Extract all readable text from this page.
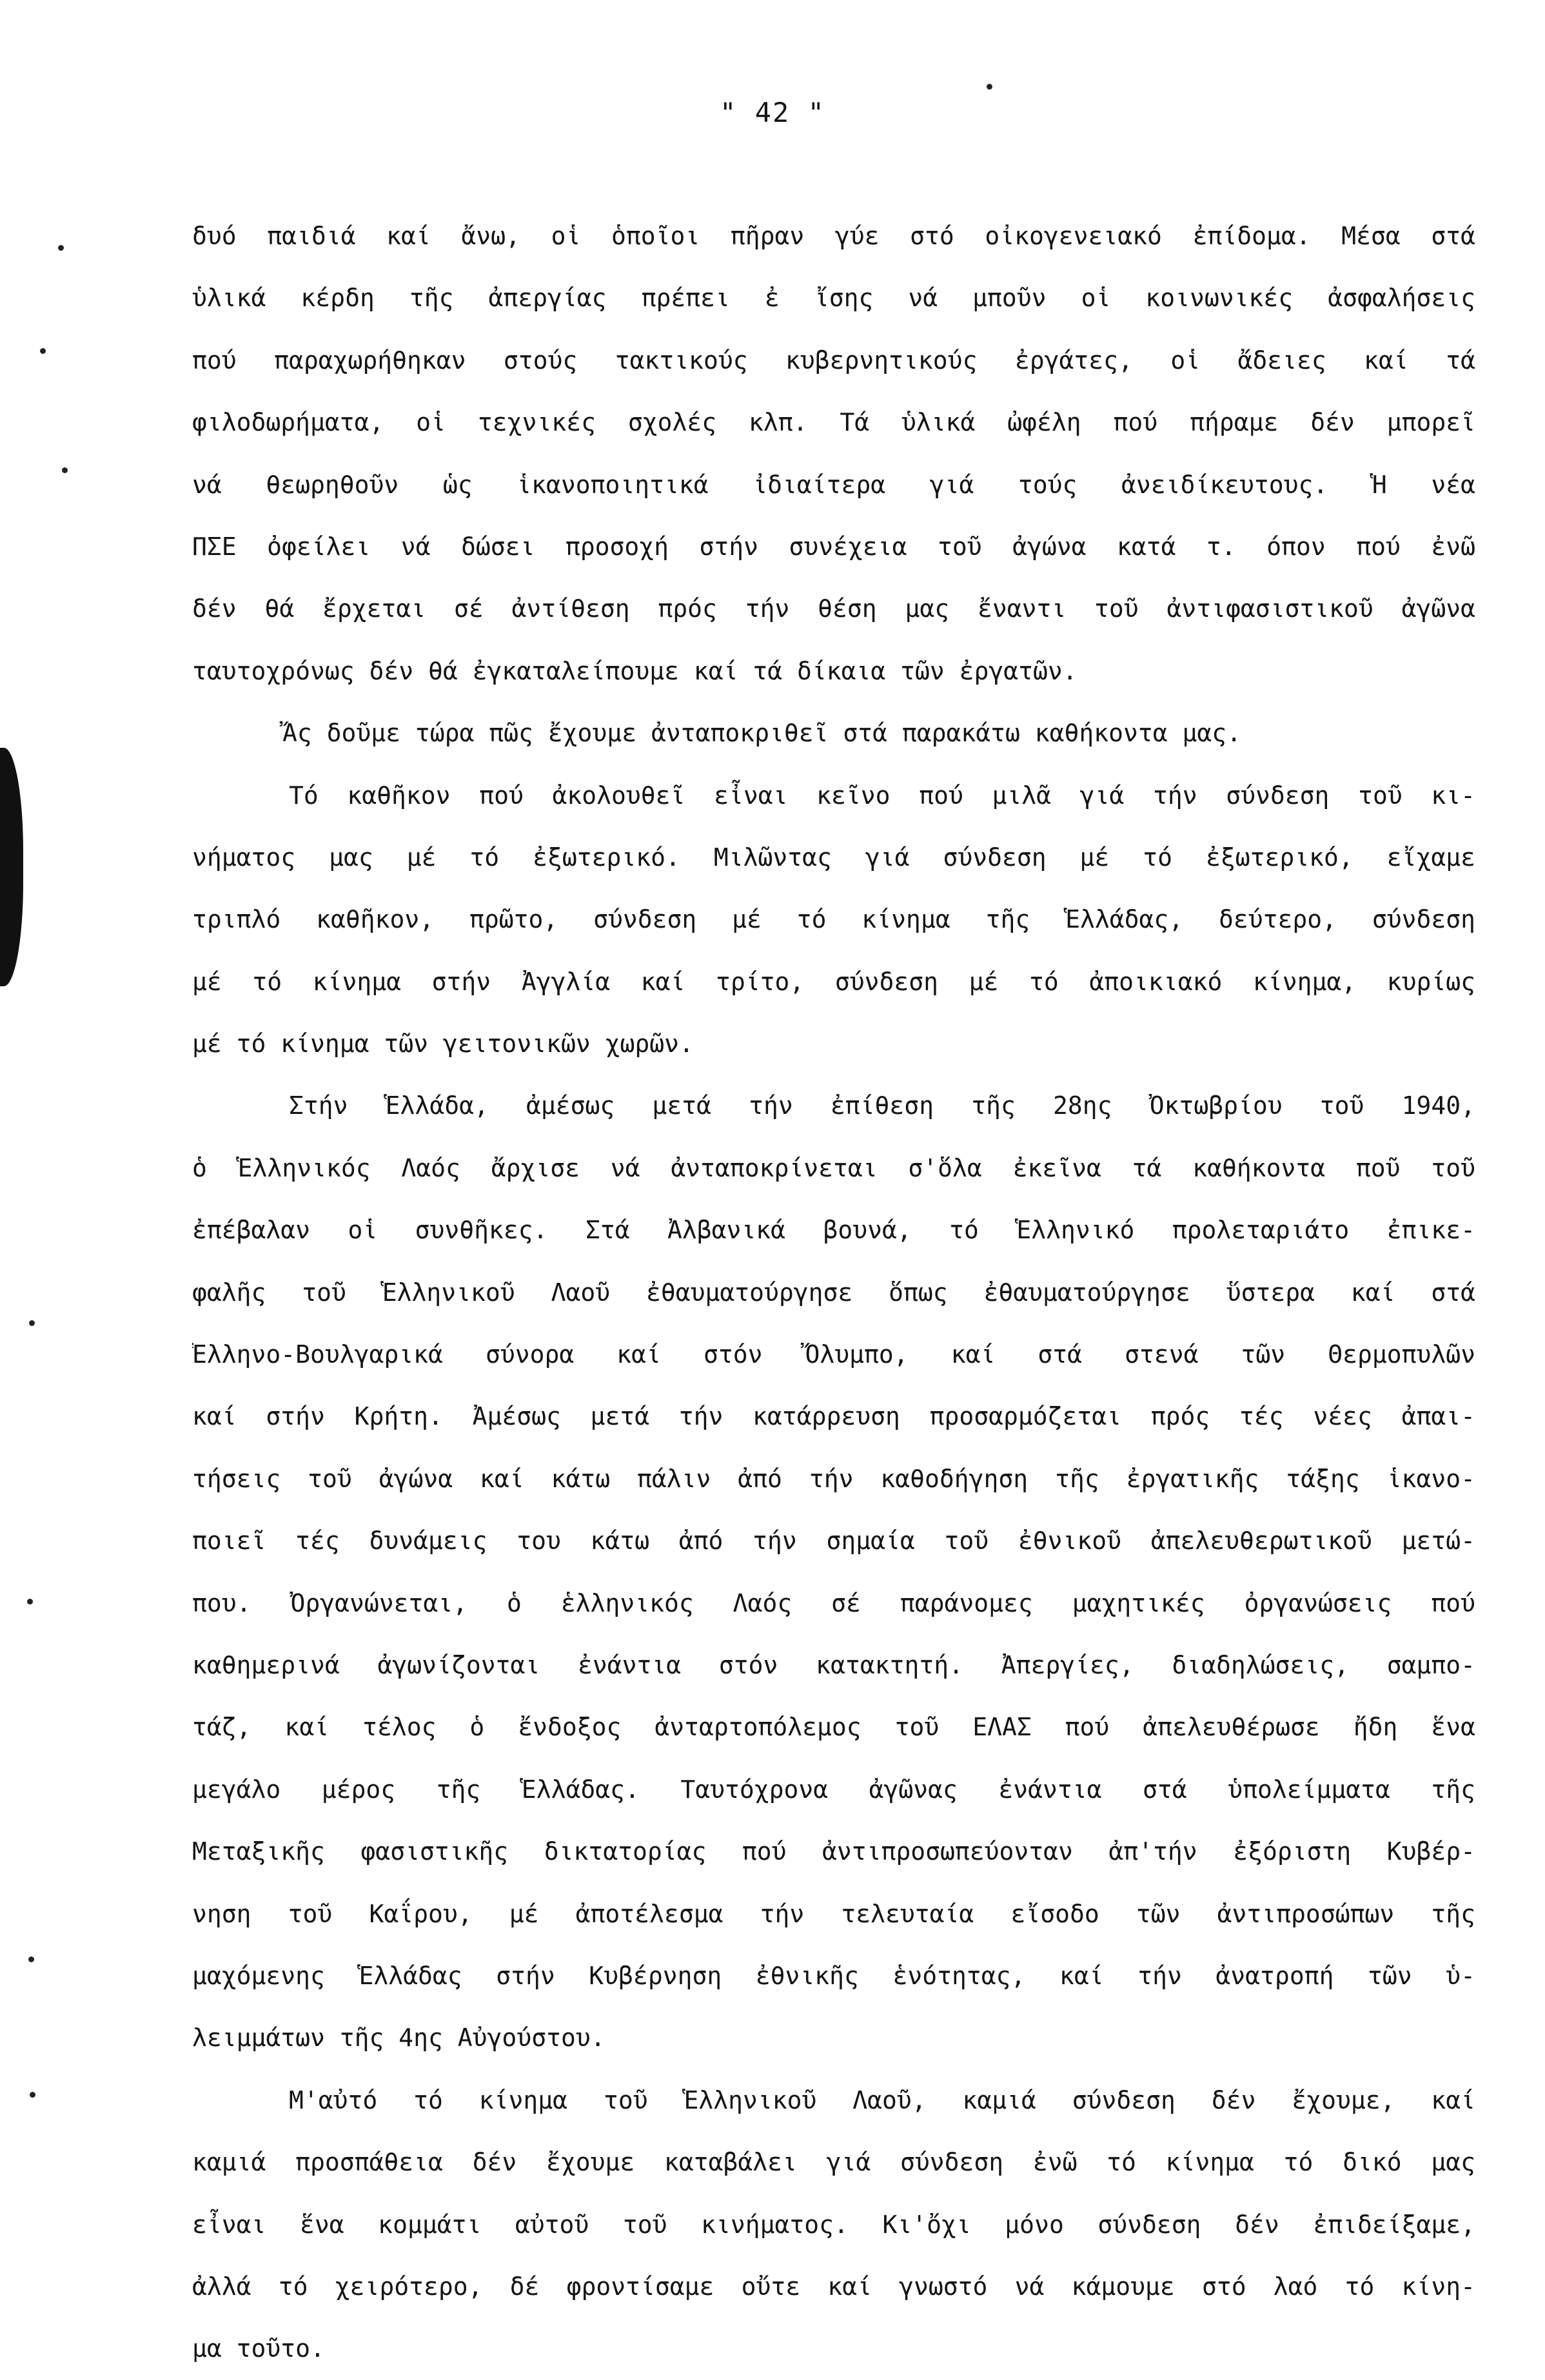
" 42 "
δυό παιδιά καί ἄνω, οἱ ὁποῖοι πῆραν γύε στό οἰκογενειακό ἐπίδομα. Μέσα στά
ὑλικά κέρδη τῆς ἀπεργίας πρέπει ἐ ἴσης νά μποῦν οἱ κοινωνικές ἀσφαλήσεις
πού παραχωρήθηκαν στούς τακτικούς κυβερνητικούς ἐργάτες, οἱ ἄδειες καί τά
φιλοδωρήματα, οἱ τεχνικές σχολές κλπ. Τά ὑλικά ὠφέλη πού πήραμε δέν μπορεῖ
νά θεωρηθοῦν ὡς ἱκανοποιητικά ἰδιαίτερα γιά τούς ἀνειδίκευτους. Ἡ νέα
ΠΣΕ ὀφείλει νά δώσει προσοχή στήν συνέχεια τοῦ ἀγώνα κατά τ. όπον πού ἐνῶ
δέν θά ἔρχεται σέ ἀντίθεση πρός τήν θέση μας ἔναντι τοῦ ἀντιφασιστικοῦ ἀγῶνα
ταυτοχρόνως δέν θά ἐγκαταλείπουμε καί τά δίκαια τῶν ἐργατῶν.
Ἄς δοῦμε τώρα πῶς ἔχουμε ἀνταποκριθεῖ στά παρακάτω καθήκοντα μας.
Τό καθῆκον πού ἀκολουθεῖ εἶναι κεῖνο πού μιλᾶ γιά τήν σύνδεση τοῦ κι-
νήματος μας μέ τό ἐξωτερικό. Μιλῶντας γιά σύνδεση μέ τό ἐξωτερικό, εἴχαμε
τριπλό καθῆκον, πρῶτο, σύνδεση μέ τό κίνημα τῆς Ἑλλάδας, δεύτερο, σύνδεση
μέ τό κίνημα στήν Ἀγγλία καί τρίτο, σύνδεση μέ τό ἀποικιακό κίνημα, κυρίως
μέ τό κίνημα τῶν γειτονικῶν χωρῶν.
Στήν Ἑλλάδα, ἀμέσως μετά τήν ἐπίθεση τῆς 28ης Ὀκτωβρίου τοῦ 1940,
ὁ Ἑλληνικός Λαός ἄρχισε νά ἀνταποκρίνεται σ'ὅλα ἐκεῖνα τά καθήκοντα ποῦ τοῦ
ἐπέβαλαν οἱ συνθῆκες. Στά Ἀλβανικά βουνά, τό Ἑλληνικό προλεταριάτο ἐπικε-
φαλῆς τοῦ Ἑλληνικοῦ Λαοῦ ἐθαυματούργησε ὅπως ἐθαυματούργησε ὕστερα καί στά
Ἑλληνο-Βουλγαρικά σύνορα καί στόν Ὄλυμπο, καί στά στενά τῶν Θερμοπυλῶν
καί στήν Κρήτη. Ἀμέσως μετά τήν κατάρρευση προσαρμόζεται πρός τές νέες ἀπαι-
τήσεις τοῦ ἀγώνα καί κάτω πάλιν ἀπό τήν καθοδήγηση τῆς ἐργατικῆς τάξης ἱκανο-
ποιεῖ τές δυνάμεις του κάτω ἀπό τήν σημαία τοῦ ἐθνικοῦ ἀπελευθερωτικοῦ μετώ-
που. Ὀργανώνεται, ὁ ἑλληνικός Λαός σέ παράνομες μαχητικές ὀργανώσεις πού
καθημερινά ἀγωνίζονται ἐνάντια στόν κατακτητή. Ἀπεργίες, διαδηλώσεις, σαμπο-
τάζ, καί τέλος ὁ ἔνδοξος ἀνταρτοπόλεμος τοῦ ΕΛΑΣ πού ἀπελευθέρωσε ἤδη ἕνα
μεγάλο μέρος τῆς Ἑλλάδας. Ταυτόχρονα ἀγῶνας ἐνάντια στά ὑπολείμματα τῆς
Μεταξικῆς φασιστικῆς δικτατορίας πού ἀντιπροσωπεύονταν ἀπ'τήν ἐξόριστη Κυβέρ-
νηση τοῦ Καΐρου, μέ ἀποτέλεσμα τήν τελευταία εἴσοδο τῶν ἀντιπροσώπων τῆς
μαχόμενης Ἑλλάδας στήν Κυβέρνηση ἐθνικῆς ἑνότητας, καί τήν ἀνατροπή τῶν ὑ-
λειμμάτων τῆς 4ης Αὐγούστου.
Μ'αὐτό τό κίνημα τοῦ Ἑλληνικοῦ Λαοῦ, καμιά σύνδεση δέν ἔχουμε, καί
καμιά προσπάθεια δέν ἔχουμε καταβάλει γιά σύνδεση ἐνῶ τό κίνημα τό δικό μας
εἶναι ἕνα κομμάτι αὐτοῦ τοῦ κινήματος. Κι'ὄχι μόνο σύνδεση δέν ἐπιδείξαμε,
ἀλλά τό χειρότερο, δέ φροντίσαμε οὔτε καί γνωστό νά κάμουμε στό λαό τό κίνη-
μα τοῦτο.
